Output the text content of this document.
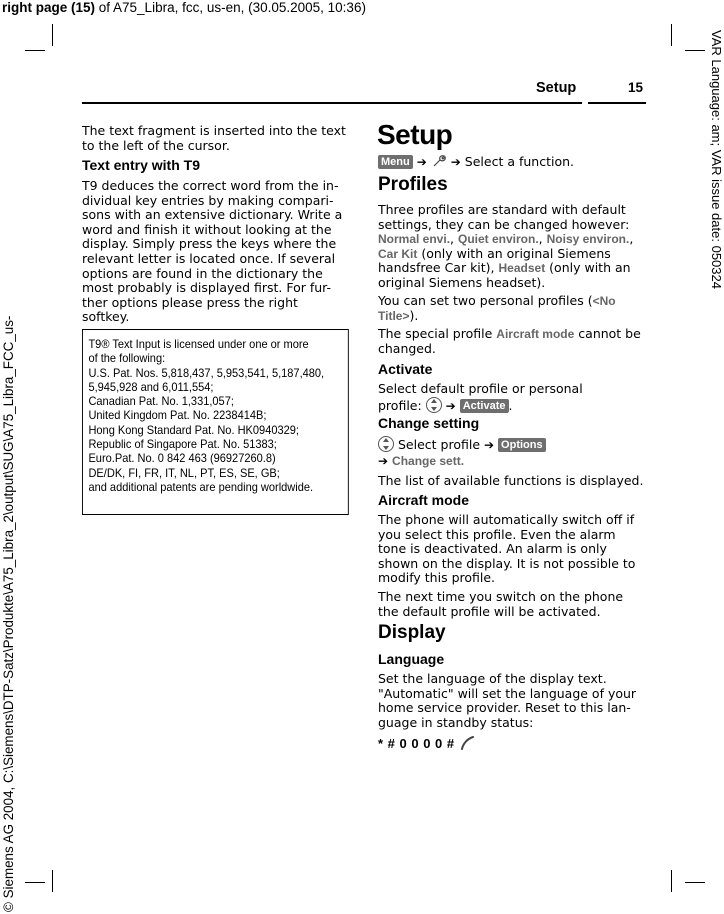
right page (15) of A75_Libra, fcc, us-en, (30.05.2005, 10:36)
VAR Language: am; VAR issue date: 050324
© Siemens AG 2004, C:\Siemens\DTP-Satz\Produkte\A75_Libra_2\output\SUG\A75_Libra_FCC_us-
Setup	15
The text fragment is inserted into the text to the left of the cursor.
Text entry with T9
T9 deduces the correct word from the in-
dividual key entries by making compari-
sons with an extensive dictionary. Write a
word and finish it without looking at the
display. Simply press the keys where the
relevant letter is located once. If several
options are found in the dictionary the
most probably is displayed first. For fur-
ther options please press the right
softkey.
T9® Text Input is licensed under one or more
of the following:
U.S. Pat. Nos. 5,818,437, 5,953,541, 5,187,480,
5,945,928 and 6,011,554;
Canadian Pat. No. 1,331,057;
United Kingdom Pat. No. 2238414B;
Hong Kong Standard Pat. No. HK0940329;
Republic of Singapore Pat. No. 51383;
Euro.Pat. No. 0 842 463 (96927260.8)
DE/DK, FI, FR, IT, NL, PT, ES, SE, GB;
and additional patents are pending worldwide.
Setup
Menu ➔ ➔ Select a function.
Profiles
Three profiles are standard with default settings, they can be changed however: Normal envi., Quiet environ., Noisy environ., Car Kit (only with an original Siemens handsfree Car kit), Headset (only with an original Siemens headset).
You can set two personal profiles (<No Title>).
The special profile Aircraft mode cannot be changed.
Activate
Select default profile or personal profile:  ➔ Activate .
Change setting
Select profile ➔ Options
➔ Change sett.
The list of available functions is displayed.
Aircraft mode
The phone will automatically switch off if you select this profile. Even the alarm tone is deactivated. An alarm is only shown on the display. It is not possible to modify this profile.
The next time you switch on the phone the default profile will be activated.
Display
Language
Set the language of the display text. "Automatic" will set the language of your home service provider. Reset to this lan-guage in standby status:
* # 0 0 0 0 #
